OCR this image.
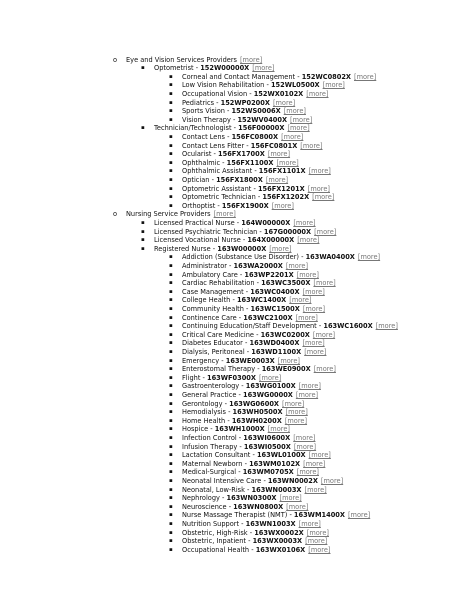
o Eye and Vision Services Providers [more]
▪ Optometrist - 152W00000X [more]
▪ Corneal and Contact Management - 152WC0802X [more]
▪ Low Vision Rehabilitation - 152WL0500X [more]
▪ Occupational Vision - 152WX0102X [more]
▪ Pediatrics - 152WP0200X [more]
▪ Sports Vision - 152WS0006X [more]
▪ Vision Therapy - 152WV0400X [more]
▪ Technician/Technologist - 156F00000X [more]
▪ Contact Lens - 156FC0800X [more]
▪ Contact Lens Fitter - 156FC0801X [more]
▪ Ocularist - 156FX1700X [more]
▪ Ophthalmic - 156FX1100X [more]
▪ Ophthalmic Assistant - 156FX1101X [more]
▪ Optician - 156FX1800X [more]
▪ Optometric Assistant - 156FX1201X [more]
▪ Optometric Technician - 156FX1202X [more]
▪ Orthoptist - 156FX1900X [more]
o Nursing Service Providers [more]
▪ Licensed Practical Nurse - 164W00000X [more]
▪ Licensed Psychiatric Technician - 167G00000X [more]
▪ Licensed Vocational Nurse - 164X00000X [more]
▪ Registered Nurse - 163W00000X [more]
▪ Addiction (Substance Use Disorder) - 163WA0400X [more]
▪ Administrator - 163WA2000X [more]
▪ Ambulatory Care - 163WP2201X [more]
▪ Cardiac Rehabilitation - 163WC3500X [more]
▪ Case Management - 163WC0400X [more]
▪ College Health - 163WC1400X [more]
▪ Community Health - 163WC1500X [more]
▪ Continence Care - 163WC2100X [more]
▪ Continuing Education/Staff Development - 163WC1600X [more]
▪ Critical Care Medicine - 163WC0200X [more]
▪ Diabetes Educator - 163WD0400X [more]
▪ Dialysis, Peritoneal - 163WD1100X [more]
▪ Emergency - 163WE0003X [more]
▪ Enterostomal Therapy - 163WE0900X [more]
▪ Flight - 163WF0300X [more]
▪ Gastroenterology - 163WG0100X [more]
▪ General Practice - 163WG0000X [more]
▪ Gerontology - 163WG0600X [more]
▪ Hemodialysis - 163WH0500X [more]
▪ Home Health - 163WH0200X [more]
▪ Hospice - 163WH1000X [more]
▪ Infection Control - 163WI0600X [more]
▪ Infusion Therapy - 163WI0500X [more]
▪ Lactation Consultant - 163WL0100X [more]
▪ Maternal Newborn - 163WM0102X [more]
▪ Medical-Surgical - 163WM0705X [more]
▪ Neonatal Intensive Care - 163WN0002X [more]
▪ Neonatal, Low-Risk - 163WN0003X [more]
▪ Nephrology - 163WN0300X [more]
▪ Neuroscience - 163WN0800X [more]
▪ Nurse Massage Therapist (NMT) - 163WM1400X [more]
▪ Nutrition Support - 163WN1003X [more]
▪ Obstetric, High-Risk - 163WX0002X [more]
▪ Obstetric, Inpatient - 163WX0003X [more]
▪ Occupational Health - 163WX0106X [more]
